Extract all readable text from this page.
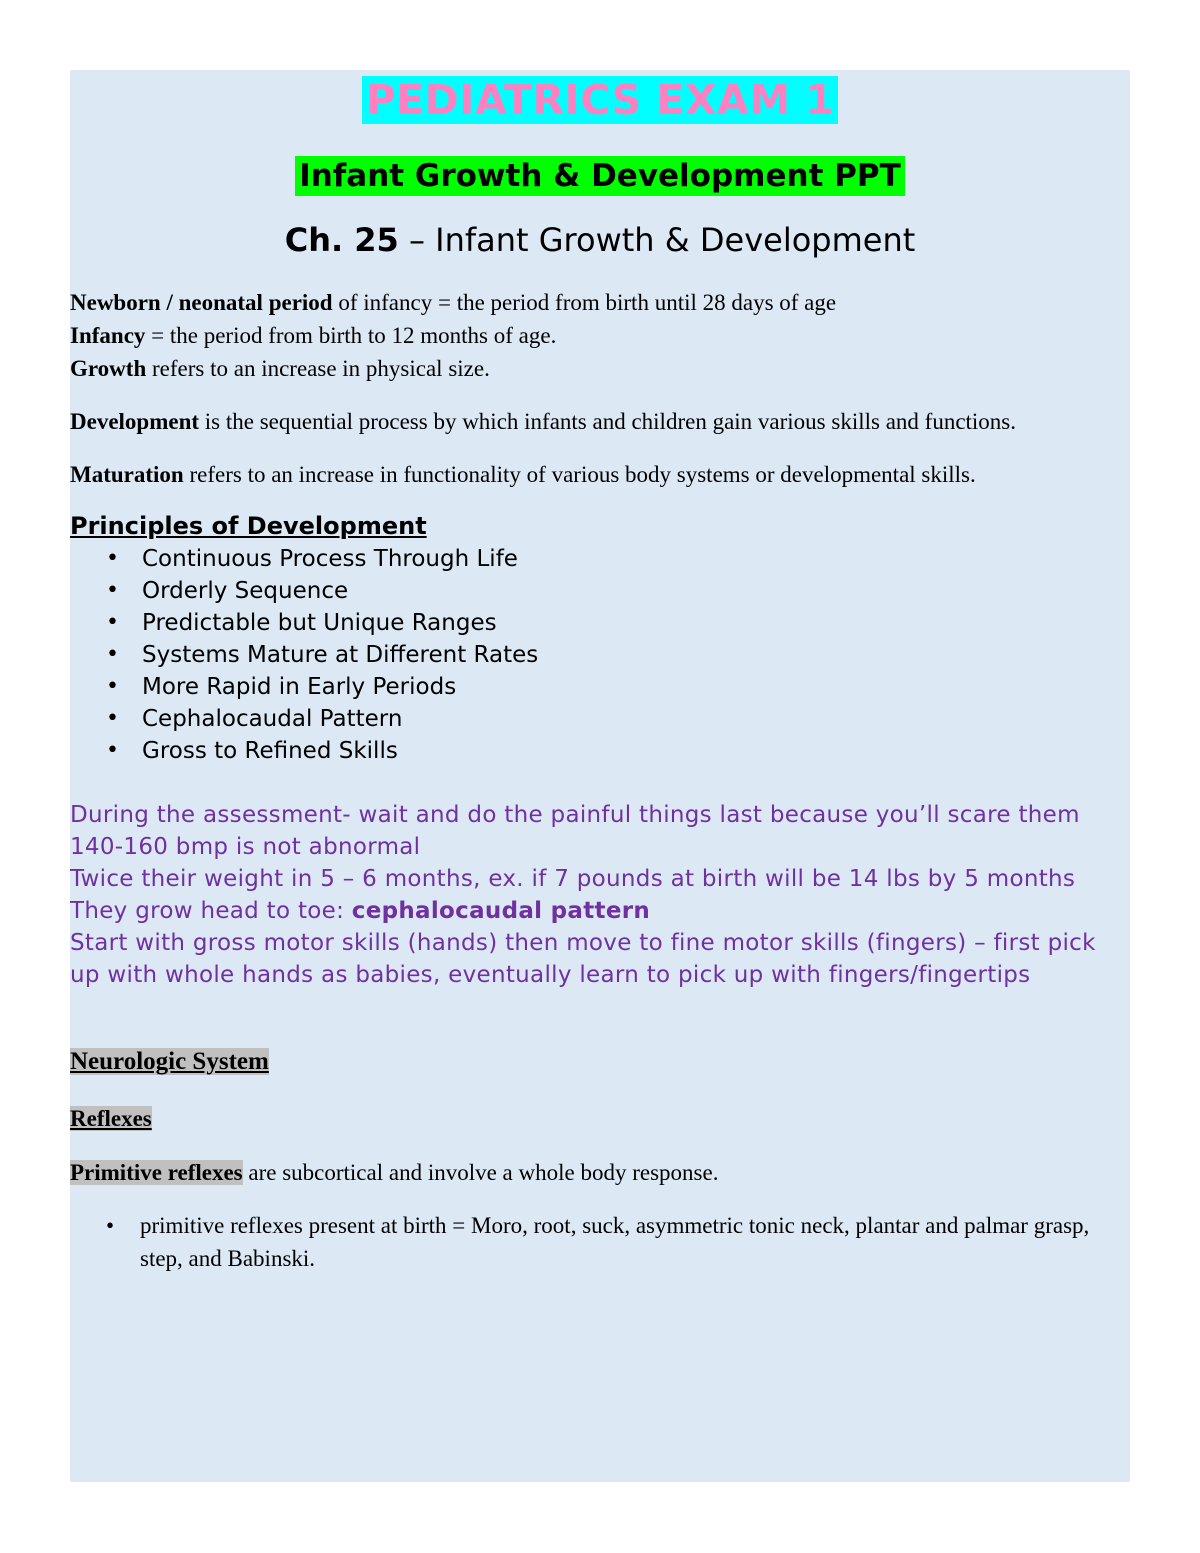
PEDIATRICS EXAM 1
Infant Growth & Development PPT
Ch. 25 – Infant Growth & Development

Newborn / neonatal period of infancy = the period from birth until 28 days of age

Infancy = the period from birth to 12 months of age.

Growth refers to an increase in physical size.

Development is the sequential process by which infants and children gain various skills and functions.

Maturation refers to an increase in functionality of various body systems or developmental skills.

Principles of Development
• Continuous Process Through Life
• Orderly Sequence
• Predictable but Unique Ranges
• Systems Mature at Different Rates
• More Rapid in Early Periods
• Cephalocaudal Pattern
• Gross to Refined Skills

During the assessment- wait and do the painful things last because you’ll scare them

140-160 bmp is not abnormal

Twice their weight in 5 – 6 months, ex. if 7 pounds at birth will be 14 lbs by 5 months

They grow head to toe: cephalocaudal pattern

Start with gross motor skills (hands) then move to fine motor skills (fingers) – first pick up with whole hands as babies, eventually learn to pick up with fingers/fingertips

Neurologic System
Reflexes
Primitive reflexes are subcortical and involve a whole body response.
• primitive reflexes present at birth = Moro, root, suck, asymmetric tonic neck, plantar and palmar grasp, step, and Babinski.
